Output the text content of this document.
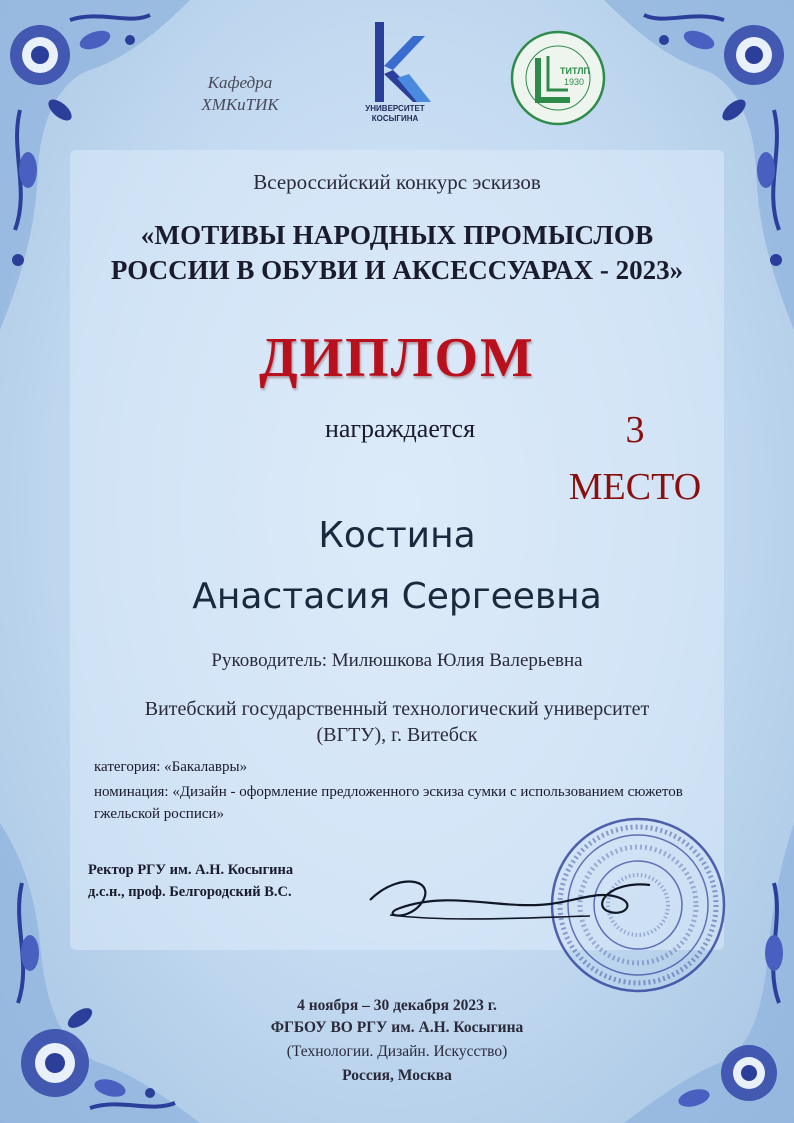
Кафедра
ХМКиТИК	УНИВЕРСИТЕТ КОСЫГИНА
ТИТЛП
1930
Всероссийский конкурс эскизов
«МОТИВЫ НАРОДНЫХ ПРОМЫСЛОВ
РОССИИ В ОБУВИ И АКСЕССУАРАХ - 2023»
ДИПЛОМ
награждается	3
МЕСТО
Костина
Анастасия Сергеевна
Руководитель: Милюшкова Юлия Валерьевна
Витебский государственный технологический университет
(ВГТУ), г. Витебск
категория: «Бакалавры»
номинация: «Дизайн - оформление предложенного эскиза сумки с использованием сюжетов гжельской росписи»
Ректор РГУ им. А.Н. Косыгина
д.с.н., проф. Белгородский В.С.
4 ноября – 30 декабря 2023 г.
ФГБОУ ВО РГУ им. А.Н. Косыгина
(Технологии. Дизайн. Искусство)
Россия, Москва
